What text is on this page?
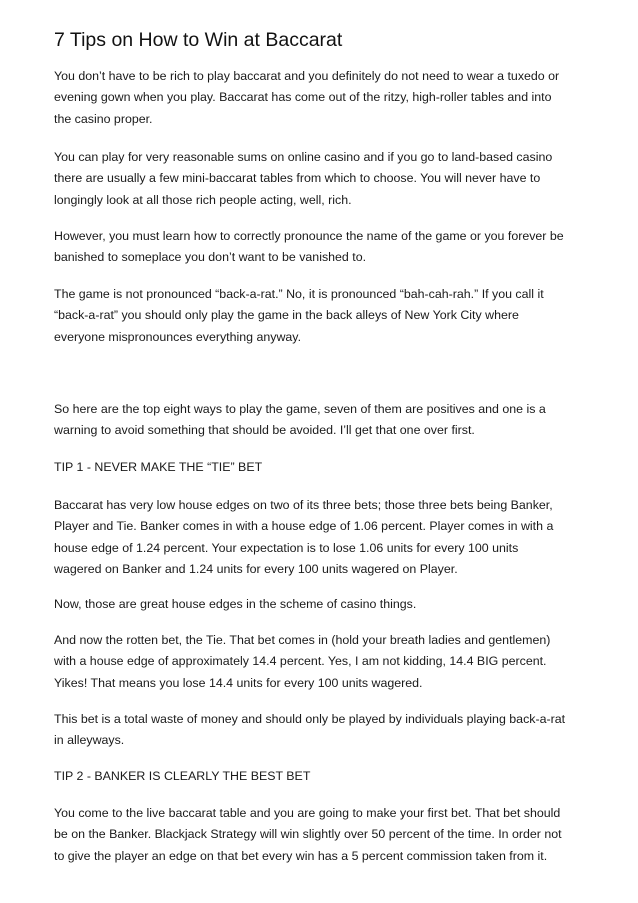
7 Tips on How to Win at Baccarat

You don’t have to be rich to play baccarat and you definitely do not need to wear a tuxedo or
evening gown when you play. Baccarat has come out of the ritzy, high-roller tables and into
the casino proper.

You can play for very reasonable sums on online casino and if you go to land-based casino
there are usually a few mini-baccarat tables from which to choose. You will never have to
longingly look at all those rich people acting, well, rich.

However, you must learn how to correctly pronounce the name of the game or you forever be
banished to someplace you don’t want to be vanished to.

The game is not pronounced “back-a-rat.” No, it is pronounced “bah-cah-rah.” If you call it
“back-a-rat” you should only play the game in the back alleys of New York City where
everyone mispronounces everything anyway.

So here are the top eight ways to play the game, seven of them are positives and one is a
warning to avoid something that should be avoided. I’ll get that one over first.

TIP 1 - NEVER MAKE THE “TIE” BET

Baccarat has very low house edges on two of its three bets; those three bets being Banker,
Player and Tie. Banker comes in with a house edge of 1.06 percent. Player comes in with a
house edge of 1.24 percent. Your expectation is to lose 1.06 units for every 100 units
wagered on Banker and 1.24 units for every 100 units wagered on Player.

Now, those are great house edges in the scheme of casino things.

And now the rotten bet, the Tie. That bet comes in (hold your breath ladies and gentlemen)
with a house edge of approximately 14.4 percent. Yes, I am not kidding, 14.4 BIG percent.
Yikes! That means you lose 14.4 units for every 100 units wagered.

This bet is a total waste of money and should only be played by individuals playing back-a-rat
in alleyways.

TIP 2 - BANKER IS CLEARLY THE BEST BET

You come to the live baccarat table and you are going to make your first bet. That bet should
be on the Banker. Blackjack Strategy will win slightly over 50 percent of the time. In order not
to give the player an edge on that bet every win has a 5 percent commission taken from it.
